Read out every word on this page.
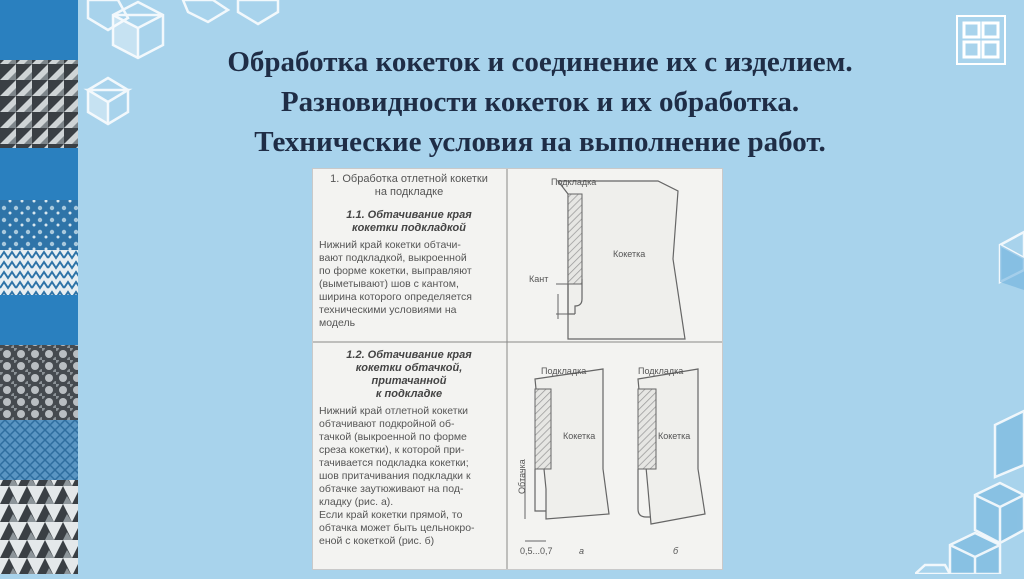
Обработка кокеток и соединение их с изделием.
Разновидности кокеток и их обработка.
Технические условия на выполнение работ.
1. Обработка отлетной кокетки
на подкладке
1.1. Обтачивание края
кокетки подкладкой
Нижний край кокетки обтачи-
вают подкладкой, выкроенной
по форме кокетки, выправляют
(выметывают) шов с кантом,
ширина которого определяется
техническими условиями на
модель
1.2. Обтачивание края
кокетки обтачкой,
притачанной
к подкладке
Нижний край отлетной кокетки
обтачивают подкройной об-
тачкой (выкроенной по форме
среза кокетки), к которой при-
тачивается подкладка кокетки;
шов притачивания подкладки к
обтачке заутюживают на под-
кладку (рис. а).
Если край кокетки прямой, то
обтачка может быть цельнокро-
еной с кокеткой (рис. б)
Подкладка
Кокетка
Кант
Подкладка
Кокетка
Обтачка
0,5...0,7	а
Подкладка
Кокетка
б
